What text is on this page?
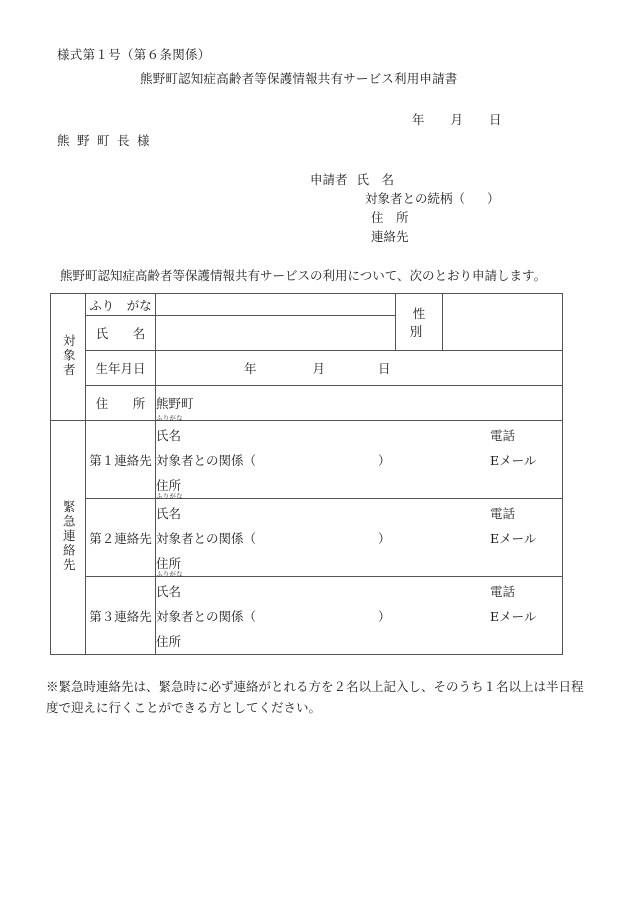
様式第１号（第６条関係）
熊野町認知症高齢者等保護情報共有サービス利用申請書
年 月 日
熊野町長様
申請者 氏　名
対象者との続柄（ ）
住　所
連絡先
熊野町認知症高齢者等保護情報共有サービスの利用について、次のとおり申請します。
対象者	ふり　がな		性　別	
	氏　名			
	生年月日	年 月 日		
	住　所	熊野町		
緊急連絡先	第１連絡先	
ふりがな
氏名	電話
対象者との関係（	）	Eメール
住所

第２連絡先	
ふりがな
氏名	電話
対象者との関係（	）	Eメール
住所

第３連絡先	
ふりがな
氏名	電話
対象者との関係（	）	Eメール
住所
※緊急時連絡先は、緊急時に必ず連絡がとれる方を２名以上記入し、そのうち１名以上は半日程度で迎えに行くことができる方としてください。
